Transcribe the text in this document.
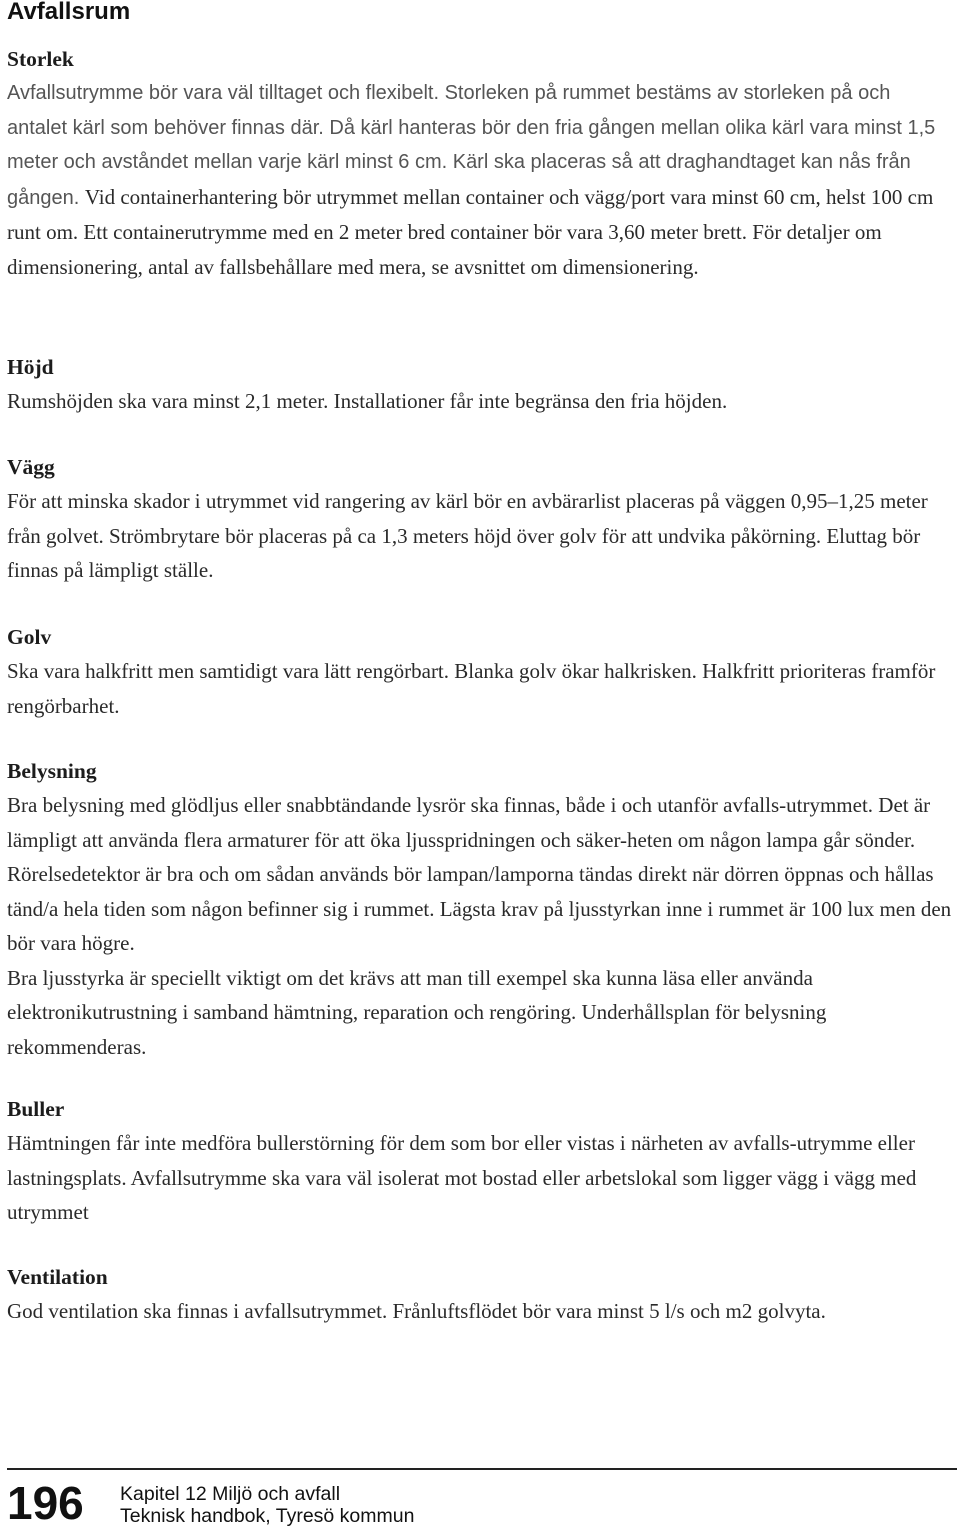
Avfallsrum
Storlek

Avfallsutrymme bör vara väl tilltaget och flexibelt. Storleken på rummet bestäms av storleken på och antalet kärl som behöver finnas där. Då kärl hanteras bör den fria gången mellan olika kärl vara minst 1,5 meter och avståndet mellan varje kärl minst 6 cm. Kärl ska placeras så att draghandtaget kan nås från gången.

Vid containerhantering bör utrymmet mellan container och vägg/port vara minst 60 cm, helst 100 cm runt om. Ett containerutrymme med en 2 meter bred container bör vara 3,60 meter brett. För detaljer om dimensionering, antal av fallsbehållare med mera, se avsnittet om dimensionering.

Höjd

Rumshöjden ska vara minst 2,1 meter. Installationer får inte begränsa den fria höjden.

Vägg

För att minska skador i utrymmet vid rangering av kärl bör en avbärarlist placeras på väggen 0,95–1,25 meter från golvet. Strömbrytare bör placeras på ca 1,3 meters höjd över golv för att undvika påkörning. Eluttag bör finnas på lämpligt ställe.

Golv

Ska vara halkfritt men samtidigt vara lätt rengörbart. Blanka golv ökar halkrisken. Halkfritt prioriteras framför rengörbarhet.

Belysning

Bra belysning med glödljus eller snabbtändande lysrör ska finnas, både i och utanför avfalls-utrymmet. Det är lämpligt att använda flera armaturer för att öka ljusspridningen och säker-heten om någon lampa går sönder. Rörelsedetektor är bra och om sådan används bör lampan/lamporna tändas direkt när dörren öppnas och hållas tänd/a hela tiden som någon befinner sig i rummet. Lägsta krav på ljusstyrkan inne i rummet är 100 lux men den bör vara högre.

Bra ljusstyrka är speciellt viktigt om det krävs att man till exempel ska kunna läsa eller använda elektronikutrustning i samband hämtning, reparation och rengöring. Underhållsplan för belysning rekommenderas.

Buller

Hämtningen får inte medföra bullerstörning för dem som bor eller vistas i närheten av avfalls-utrymme eller lastningsplats. Avfallsutrymme ska vara väl isolerat mot bostad eller arbetslokal som ligger vägg i vägg med utrymmet

Ventilation

God ventilation ska finnas i avfallsutrymmet. Frånluftsflödet bör vara minst 5 l/s och m2 golvyta.

196 Kapitel 12 Miljö och avfall
Teknisk handbok, Tyresö kommun
